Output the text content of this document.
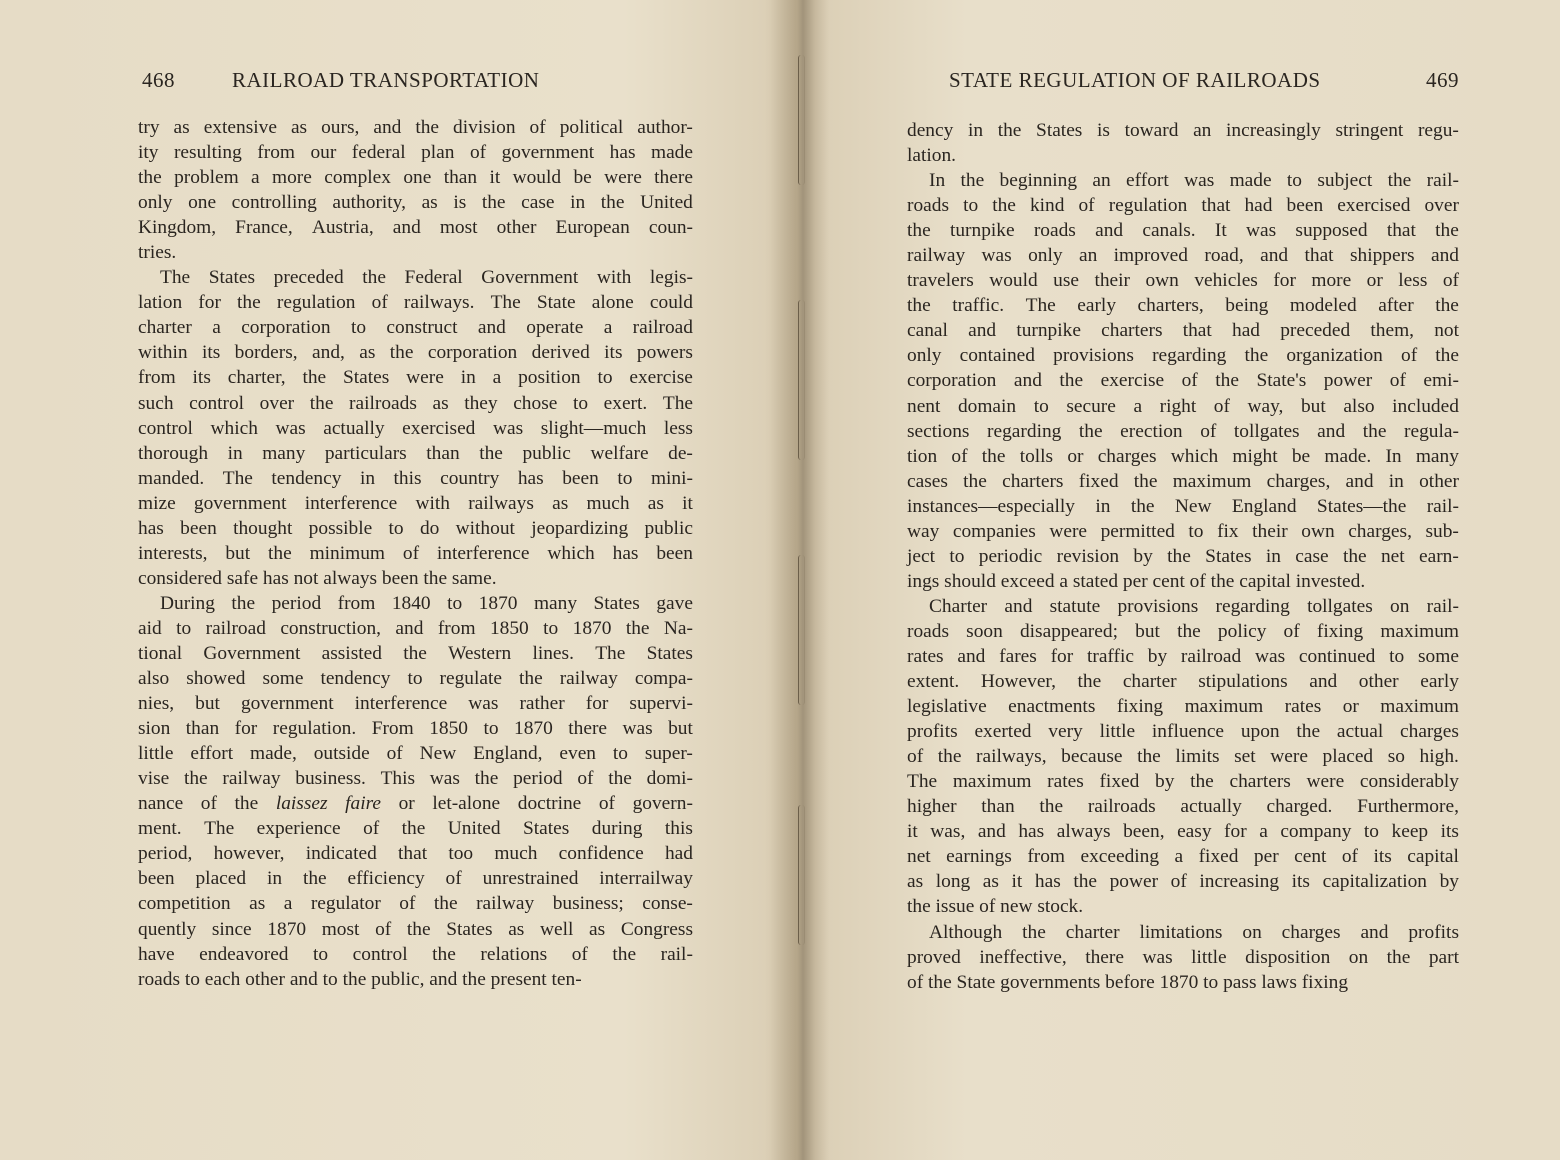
468	RAILROAD TRANSPORTATION
try as extensive as ours, and the division of political author-
ity resulting from our federal plan of government has made
the problem a more complex one than it would be were there
only one controlling authority, as is the case in the United
Kingdom, France, Austria, and most other European coun-
tries.
The States preceded the Federal Government with legis-
lation for the regulation of railways. The State alone could
charter a corporation to construct and operate a railroad
within its borders, and, as the corporation derived its powers
from its charter, the States were in a position to exercise
such control over the railroads as they chose to exert. The
control which was actually exercised was slight—much less
thorough in many particulars than the public welfare de-
manded. The tendency in this country has been to mini-
mize government interference with railways as much as it
has been thought possible to do without jeopardizing public
interests, but the minimum of interference which has been
considered safe has not always been the same.
During the period from 1840 to 1870 many States gave
aid to railroad construction, and from 1850 to 1870 the Na-
tional Government assisted the Western lines. The States
also showed some tendency to regulate the railway compa-
nies, but government interference was rather for supervi-
sion than for regulation. From 1850 to 1870 there was but
little effort made, outside of New England, even to super-
vise the railway business. This was the period of the domi-
nance of the laissez faire or let-alone doctrine of govern-
ment. The experience of the United States during this
period, however, indicated that too much confidence had
been placed in the efficiency of unrestrained interrailway
competition as a regulator of the railway business; conse-
quently since 1870 most of the States as well as Congress
have endeavored to control the relations of the rail-
roads to each other and to the public, and the present ten-
STATE REGULATION OF RAILROADS	469
dency in the States is toward an increasingly stringent regu-
lation.
In the beginning an effort was made to subject the rail-
roads to the kind of regulation that had been exercised over
the turnpike roads and canals. It was supposed that the
railway was only an improved road, and that shippers and
travelers would use their own vehicles for more or less of
the traffic. The early charters, being modeled after the
canal and turnpike charters that had preceded them, not
only contained provisions regarding the organization of the
corporation and the exercise of the State's power of emi-
nent domain to secure a right of way, but also included
sections regarding the erection of tollgates and the regula-
tion of the tolls or charges which might be made. In many
cases the charters fixed the maximum charges, and in other
instances—especially in the New England States—the rail-
way companies were permitted to fix their own charges, sub-
ject to periodic revision by the States in case the net earn-
ings should exceed a stated per cent of the capital invested.
Charter and statute provisions regarding tollgates on rail-
roads soon disappeared; but the policy of fixing maximum
rates and fares for traffic by railroad was continued to some
extent. However, the charter stipulations and other early
legislative enactments fixing maximum rates or maximum
profits exerted very little influence upon the actual charges
of the railways, because the limits set were placed so high.
The maximum rates fixed by the charters were considerably
higher than the railroads actually charged. Furthermore,
it was, and has always been, easy for a company to keep its
net earnings from exceeding a fixed per cent of its capital
as long as it has the power of increasing its capitalization by
the issue of new stock.
Although the charter limitations on charges and profits
proved ineffective, there was little disposition on the part
of the State governments before 1870 to pass laws fixing
